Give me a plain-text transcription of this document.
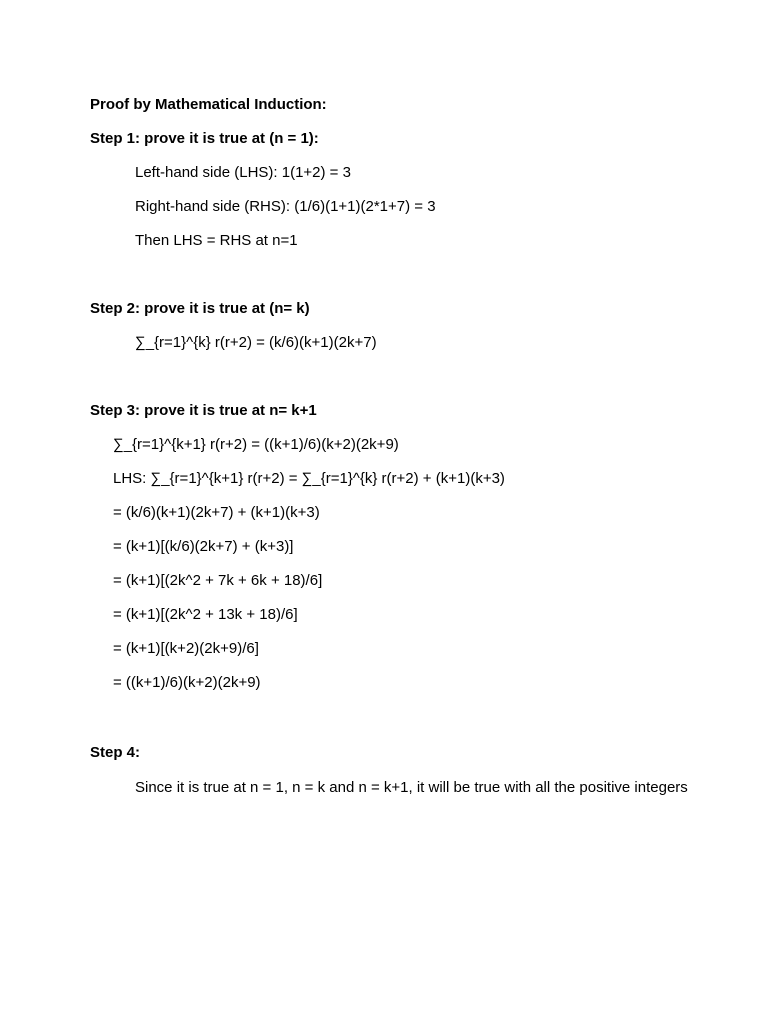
Proof by Mathematical Induction:
Step 1: prove it is true at (n = 1):
Left-hand side (LHS): 1(1+2) = 3
Right-hand side (RHS): (1/6)(1+1)(2*1+7) = 3
Then LHS = RHS at n=1
Step 2: prove it is true at (n= k)
∑_{r=1}^{k} r(r+2) = (k/6)(k+1)(2k+7)
Step 3: prove it is true at n= k+1
∑_{r=1}^{k+1} r(r+2) = ((k+1)/6)(k+2)(2k+9)
LHS: ∑_{r=1}^{k+1} r(r+2) = ∑_{r=1}^{k} r(r+2) + (k+1)(k+3)
= (k/6)(k+1)(2k+7) + (k+1)(k+3)
= (k+1)[(k/6)(2k+7) + (k+3)]
= (k+1)[(2k^2 + 7k + 6k + 18)/6]
= (k+1)[(2k^2 + 13k + 18)/6]
= (k+1)[(k+2)(2k+9)/6]
= ((k+1)/6)(k+2)(2k+9)
Step 4:
Since it is true at n = 1, n = k and n = k+1, it will be true with all the positive integers
